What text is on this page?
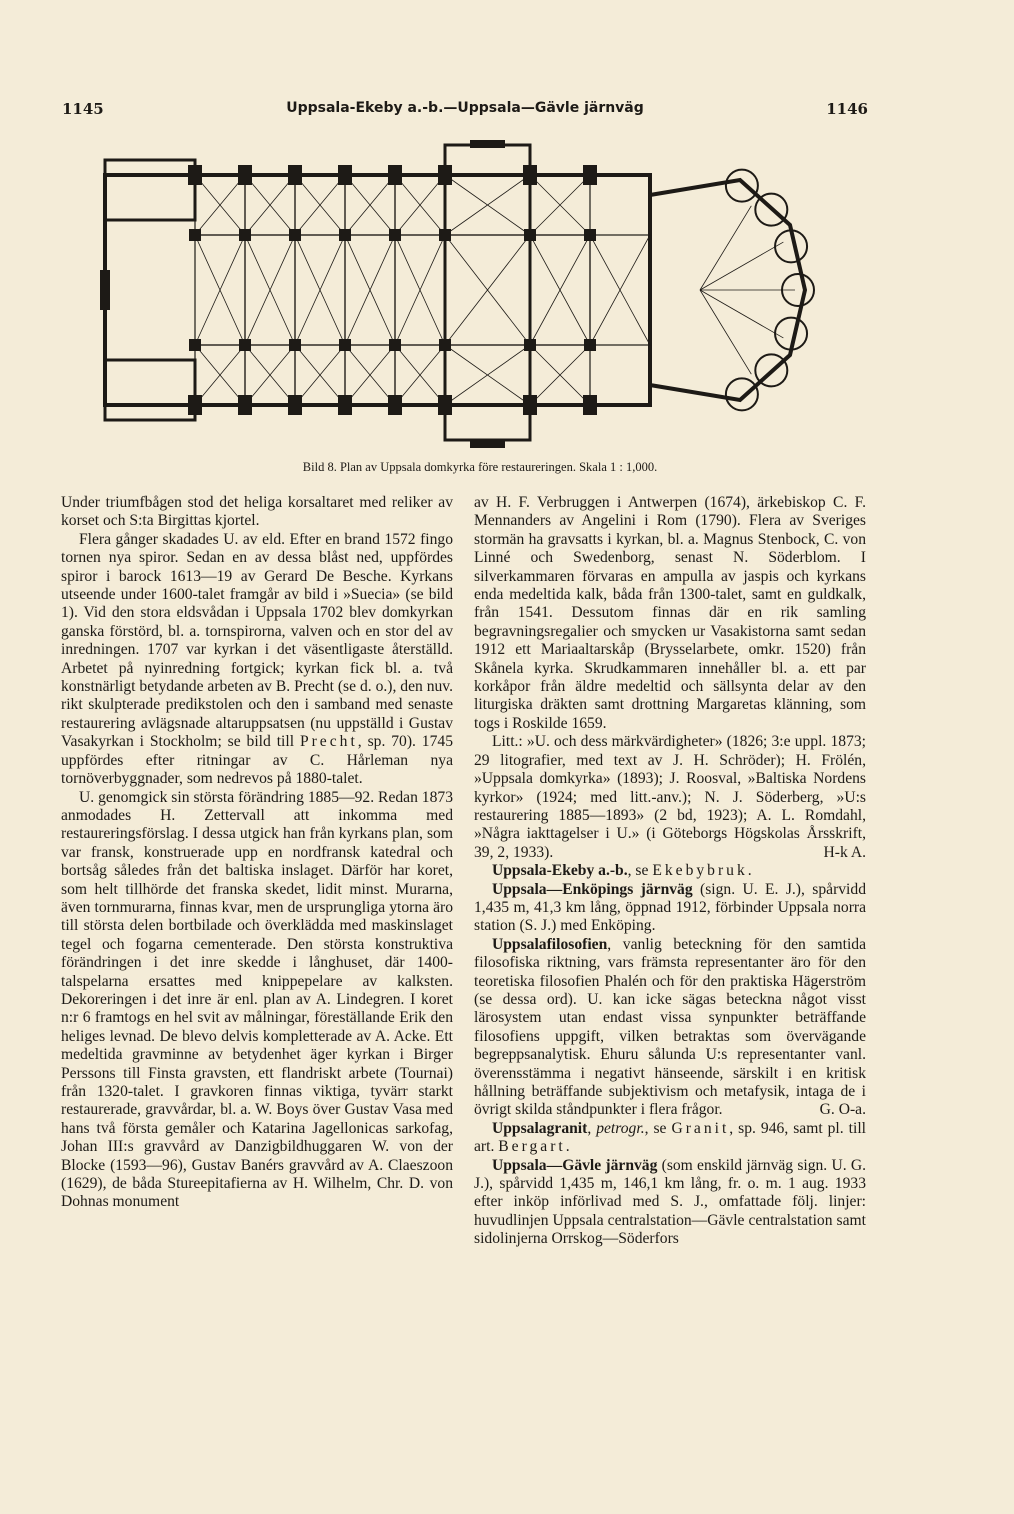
1145	Uppsala-Ekeby a.-b.—Uppsala—Gävle järnväg	1146
Bild 8. Plan av Uppsala domkyrka före restaureringen. Skala 1 : 1,000.

Under triumfbågen stod det heliga korsaltaret med reliker av korset och S:ta Birgittas kjortel.

Flera gånger skadades U. av eld. Efter en brand 1572 fingo tornen nya spiror. Sedan en av dessa blåst ned, uppfördes spiror i barock 1613—19 av Gerard De Besche. Kyrkans utseende under 1600-talet framgår av bild i »Suecia» (se bild 1). Vid den stora eldsvådan i Uppsala 1702 blev domkyrkan ganska förstörd, bl. a. tornspirorna, valven och en stor del av inredningen. 1707 var kyrkan i det väsentligaste återställd. Arbetet på nyinredning fortgick; kyrkan fick bl. a. två konstnärligt betydande arbeten av B. Precht (se d. o.), den nuv. rikt skulpterade predikstolen och den i samband med senaste restaurering avlägsnade altaruppsatsen (nu uppställd i Gustav Vasakyrkan i Stockholm; se bild till Precht, sp. 70). 1745 uppfördes efter ritningar av C. Hårleman nya tornöverbyggnader, som nedrevos på 1880-talet.

U. genomgick sin största förändring 1885—92. Redan 1873 anmodades H. Zettervall att inkomma med restaureringsförslag. I dessa utgick han från kyrkans plan, som var fransk, konstruerade upp en nordfransk katedral och bortsåg således från det baltiska inslaget. Därför har koret, som helt tillhörde det franska skedet, lidit minst. Murarna, även tornmurarna, finnas kvar, men de ursprungliga ytorna äro till största delen bortbilade och överklädda med maskinslaget tegel och fogarna cementerade. Den största konstruktiva förändringen i det inre skedde i långhuset, där 1400-talspelarna ersattes med knippepelare av kalksten. Dekoreringen i det inre är enl. plan av A. Lindegren. I koret n:r 6 framtogs en hel svit av målningar, föreställande Erik den heliges levnad. De blevo delvis kompletterade av A. Acke. Ett medeltida gravminne av betydenhet äger kyrkan i Birger Perssons till Finsta gravsten, ett flandriskt arbete (Tournai) från 1320-talet. I gravkoren finnas viktiga, tyvärr starkt restaurerade, gravvårdar, bl. a. W. Boys över Gustav Vasa med hans två första gemåler och Katarina Jagellonicas sarkofag, Johan III:s gravvård av Danzigbildhuggaren W. von der Blocke (1593—96), Gustav Banérs gravvård av A. Claeszoon (1629), de båda Stureepitafierna av H. Wilhelm, Chr. D. von Dohnas monument

av H. F. Verbruggen i Antwerpen (1674), ärkebiskop C. F. Mennanders av Angelini i Rom (1790). Flera av Sveriges stormän ha gravsatts i kyrkan, bl. a. Magnus Stenbock, C. von Linné och Swedenborg, senast N. Söderblom. I silverkammaren förvaras en ampulla av jaspis och kyrkans enda medeltida kalk, båda från 1300-talet, samt en guldkalk, från 1541. Dessutom finnas där en rik samling begravningsregalier och smycken ur Vasakistorna samt sedan 1912 ett Mariaaltarskåp (Brysselarbete, omkr. 1520) från Skånela kyrka. Skrudkammaren innehåller bl. a. ett par korkåpor från äldre medeltid och sällsynta delar av den liturgiska dräkten samt drottning Margaretas klänning, som togs i Roskilde 1659.

Litt.: »U. och dess märkvärdigheter» (1826; 3:e uppl. 1873; 29 litografier, med text av J. H. Schröder); H. Frölén, »Uppsala domkyrka» (1893); J. Roosval, »Baltiska Nordens kyrkor» (1924; med litt.-anv.); N. J. Söderberg, »U:s restaurering 1885—1893» (2 bd, 1923); A. L. Romdahl, »Några iakttagelser i U.» (i Göteborgs Högskolas Årsskrift, 39, 2, 1933).	H-k A.

Uppsala-Ekeby a.-b., se Ekebybruk.

Uppsala—Enköpings järnväg (sign. U. E. J.), spårvidd 1,435 m, 41,3 km lång, öppnad 1912, förbinder Uppsala norra station (S. J.) med Enköping.

Uppsalafilosofien, vanlig beteckning för den samtida filosofiska riktning, vars främsta representanter äro för den teoretiska filosofien Phalén och för den praktiska Hägerström (se dessa ord). U. kan icke sägas beteckna något visst lärosystem utan endast vissa synpunkter beträffande filosofiens uppgift, vilken betraktas som övervägande begreppsanalytisk. Ehuru sålunda U:s representanter vanl. överensstämma i negativt hänseende, särskilt i en kritisk hållning beträffande subjektivism och metafysik, intaga de i övrigt skilda ståndpunkter i flera frågor.	G. O-a.

Uppsalagranit, petrogr., se Granit, sp. 946, samt pl. till art. Bergart.

Uppsala—Gävle järnväg (som enskild järnväg sign. U. G. J.), spårvidd 1,435 m, 146,1 km lång, fr. o. m. 1 aug. 1933 efter inköp införlivad med S. J., omfattade följ. linjer: huvudlinjen Uppsala centralstation—Gävle centralstation samt sidolinjerna Orrskog—Söderfors
